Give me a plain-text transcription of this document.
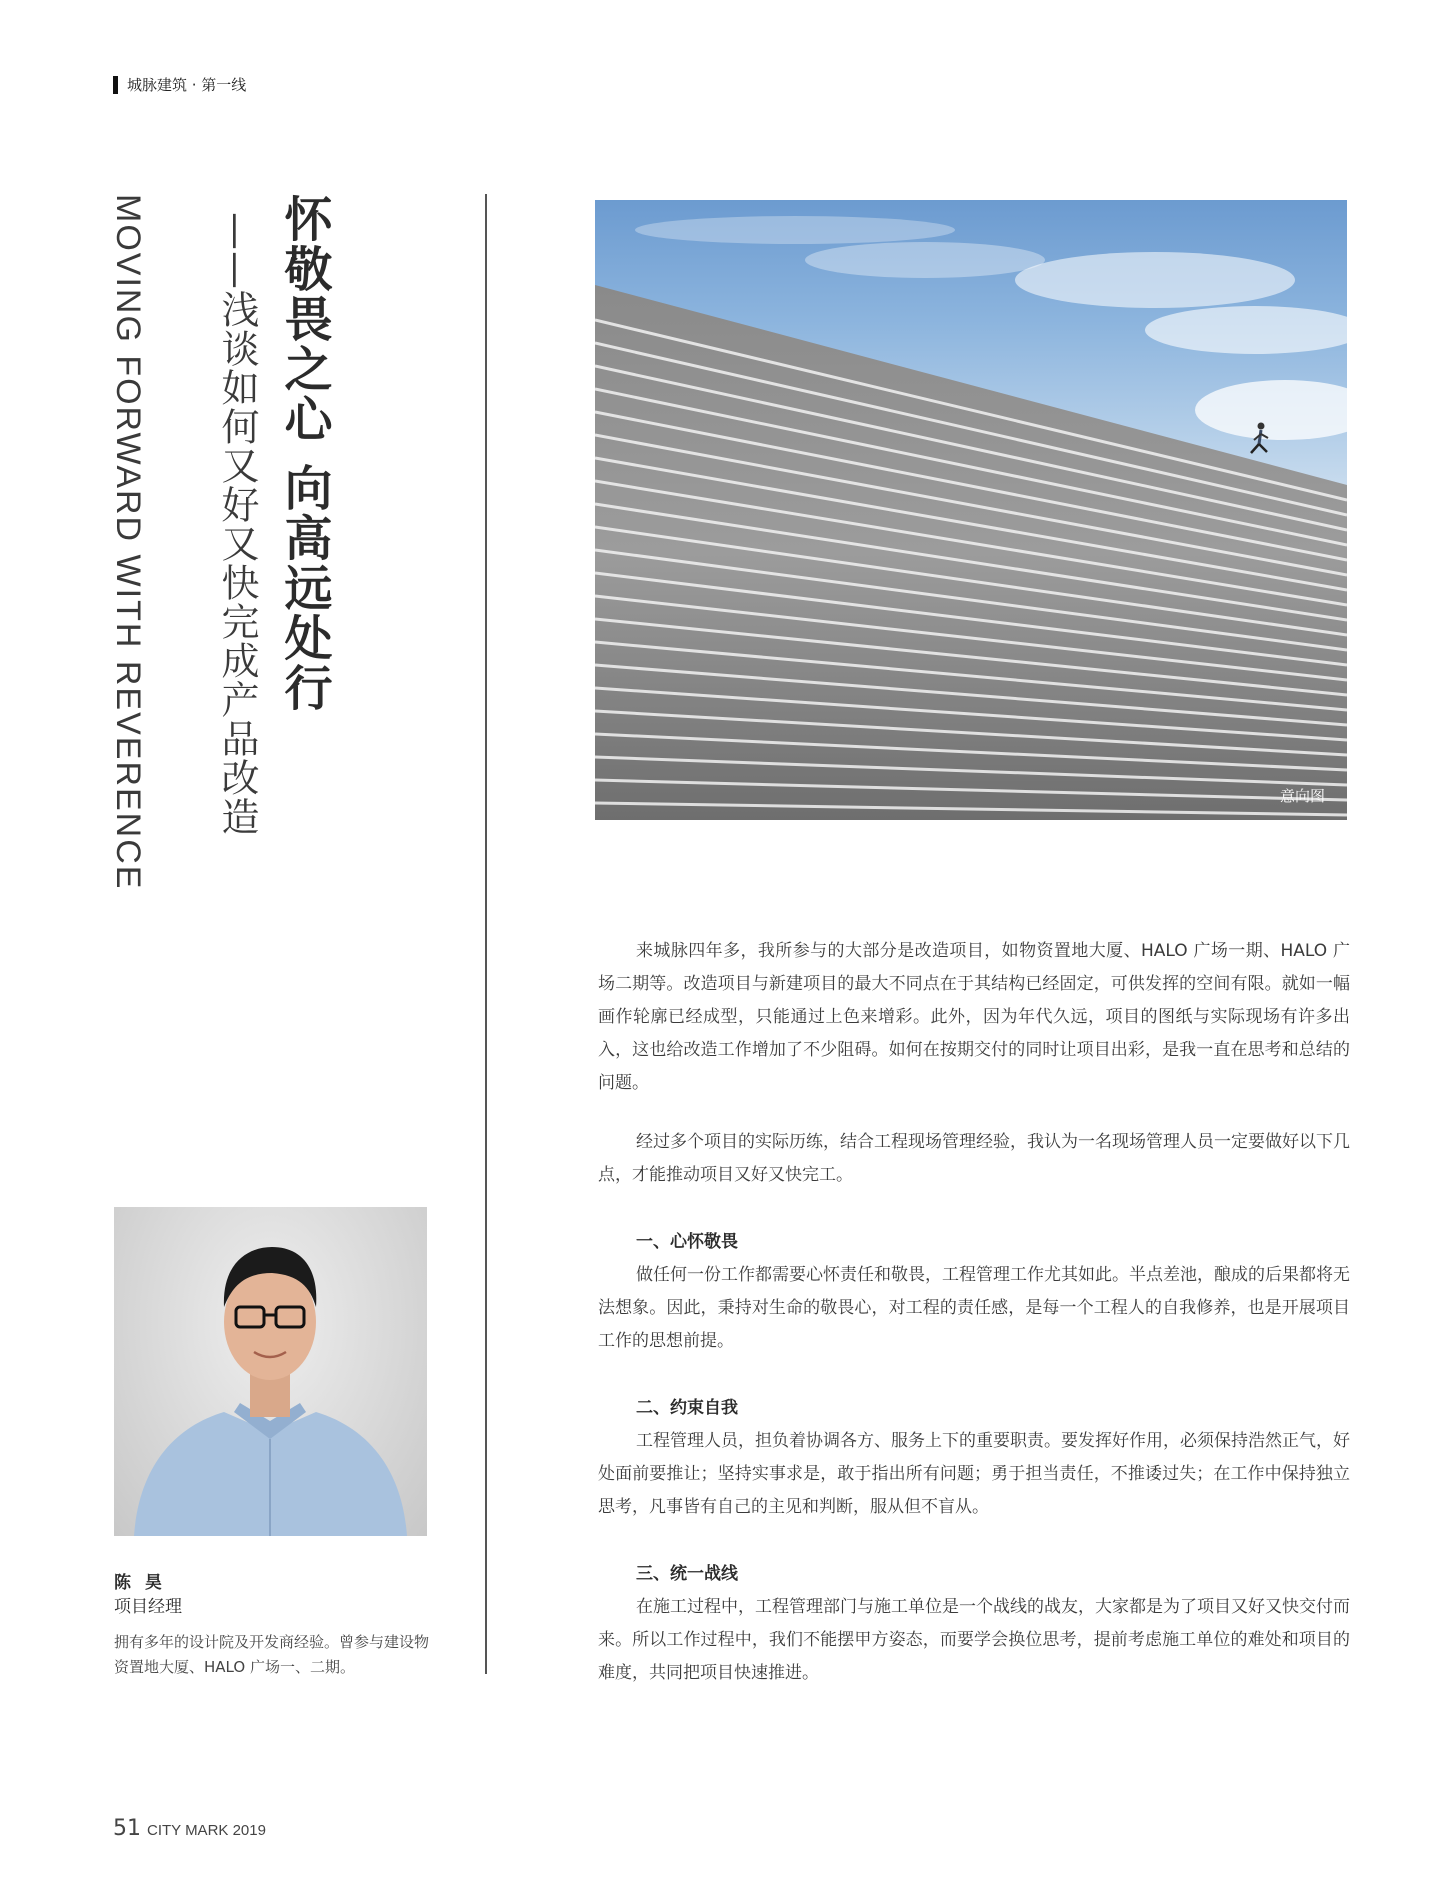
城脉建筑 · 第一线
怀敬畏之心 向高远处行
——浅谈如何又好又快完成产品改造
MOVING FORWARD WITH REVERENCE	意向图
陈 昊
项目经理
拥有多年的设计院及开发商经验。曾参与建设物资置地大厦、HALO 广场一、二期。

来城脉四年多，我所参与的大部分是改造项目，如物资置地大厦、HALO 广场一期、HALO 广场二期等。改造项目与新建项目的最大不同点在于其结构已经固定，可供发挥的空间有限。就如一幅画作轮廓已经成型，只能通过上色来增彩。此外，因为年代久远，项目的图纸与实际现场有许多出入，这也给改造工作增加了不少阻碍。如何在按期交付的同时让项目出彩，是我一直在思考和总结的问题。

经过多个项目的实际历练，结合工程现场管理经验，我认为一名现场管理人员一定要做好以下几点，才能推动项目又好又快完工。

一、心怀敬畏

做任何一份工作都需要心怀责任和敬畏，工程管理工作尤其如此。半点差池，酿成的后果都将无法想象。因此，秉持对生命的敬畏心，对工程的责任感，是每一个工程人的自我修养，也是开展项目工作的思想前提。

二、约束自我

工程管理人员，担负着协调各方、服务上下的重要职责。要发挥好作用，必须保持浩然正气，好处面前要推让；坚持实事求是，敢于指出所有问题；勇于担当责任，不推诿过失；在工作中保持独立思考，凡事皆有自己的主见和判断，服从但不盲从。

三、统一战线

在施工过程中，工程管理部门与施工单位是一个战线的战友，大家都是为了项目又好又快交付而来。所以工作过程中，我们不能摆甲方姿态，而要学会换位思考，提前考虑施工单位的难处和项目的难度，共同把项目快速推进。

51 CITY MARK 2019
